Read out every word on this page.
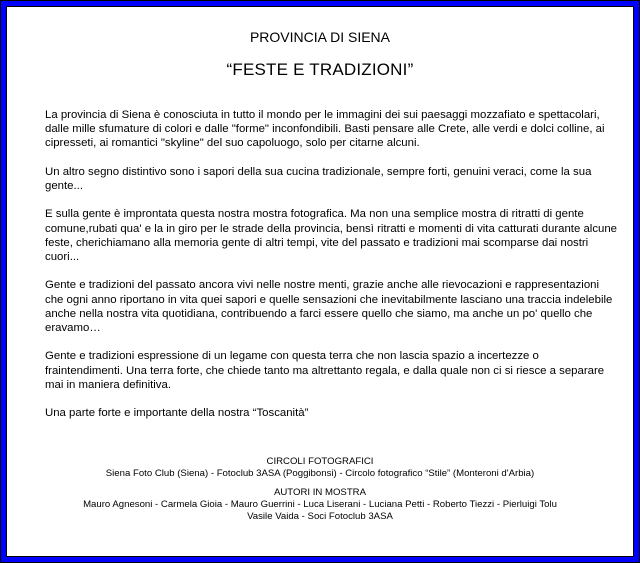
PROVINCIA DI SIENA
“FESTE E TRADIZIONI”

La provincia di Siena è conosciuta in tutto il mondo per le immagini dei sui paesaggi mozzafiato e spettacolari, dalle mille sfumature di colori e dalle "forme" inconfondibili. Basti pensare alle Crete, alle verdi e dolci colline, ai cipresseti, ai romantici "skyline" del suo capoluogo, solo per citarne alcuni.

Un altro segno distintivo sono i sapori della sua cucina tradizionale, sempre forti, genuini veraci, come la sua gente...

E sulla gente è improntata questa nostra mostra fotografica. Ma non una semplice mostra di ritratti di gente comune,rubati qua' e la in giro per le strade della provincia, bensì ritratti e momenti di vita catturati durante alcune feste, cherichiamano alla memoria gente di altri tempi, vite del passato e tradizioni mai scomparse dai nostri cuori...

Gente e tradizioni del passato ancora vivi nelle nostre menti, grazie anche alle rievocazioni e rappresentazioni che ogni anno riportano in vita quei sapori e quelle sensazioni che inevitabilmente lasciano una traccia indelebile anche nella nostra vita quotidiana, contribuendo a farci essere quello che siamo, ma anche un po' quello che eravamo…

Gente e tradizioni espressione di un legame con questa terra che non lascia spazio a incertezze o fraintendimenti. Una terra forte, che chiede tanto ma altrettanto regala, e dalla quale non ci si riesce a separare mai in maniera definitiva.

Una parte forte e importante della nostra “Toscanità”

CIRCOLI FOTOGRAFICI
Siena Foto Club (Siena) - Fotoclub 3ASA (Poggibonsi) - Circolo fotografico “Stile” (Monteroni d'Arbia)
AUTORI IN MOSTRA
Mauro Agnesoni - Carmela Gioia - Mauro Guerrini - Luca Liserani - Luciana Petti - Roberto Tiezzi - Pierluigi Tolu
Vasile Vaida - Soci Fotoclub 3ASA
